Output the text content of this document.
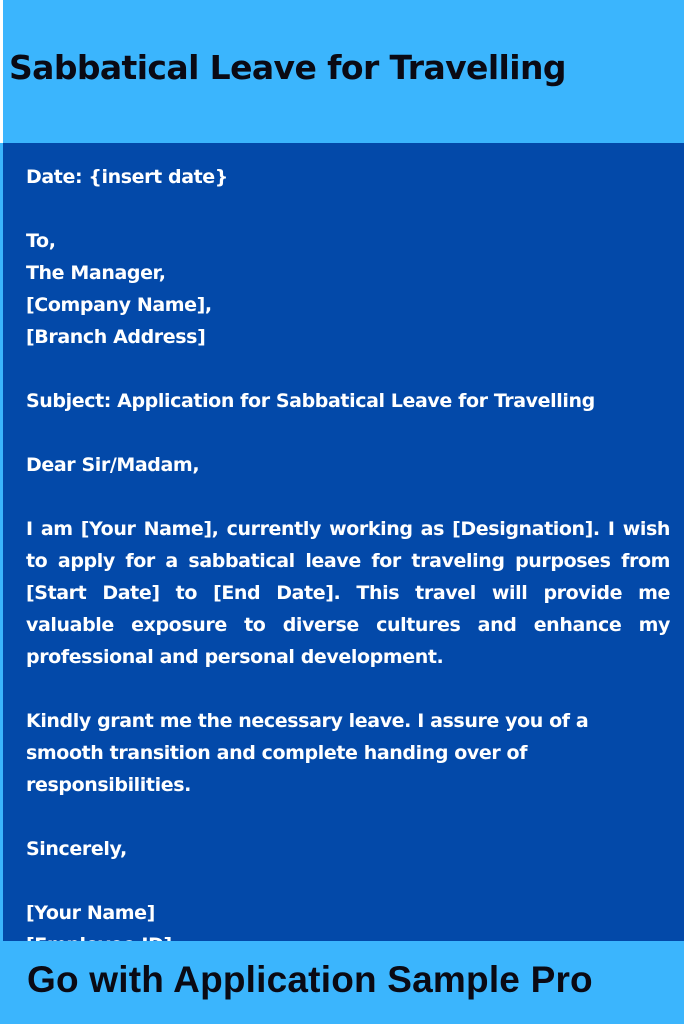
Sabbatical Leave for Travelling

Date: {insert date}

To,
The Manager,
[Company Name],
[Branch Address]

Subject: Application for Sabbatical Leave for Travelling

Dear Sir/Madam,

I am [Your Name], currently working as [Designation]. I wish to apply for a sabbatical leave for traveling purposes from [Start Date] to [End Date]. This travel will provide me valuable exposure to diverse cultures and enhance my professional and personal development.

Kindly grant me the necessary leave. I assure you of a smooth transition and complete handing over of responsibilities.

Sincerely,

[Your Name]

Go with Application Sample Pro
